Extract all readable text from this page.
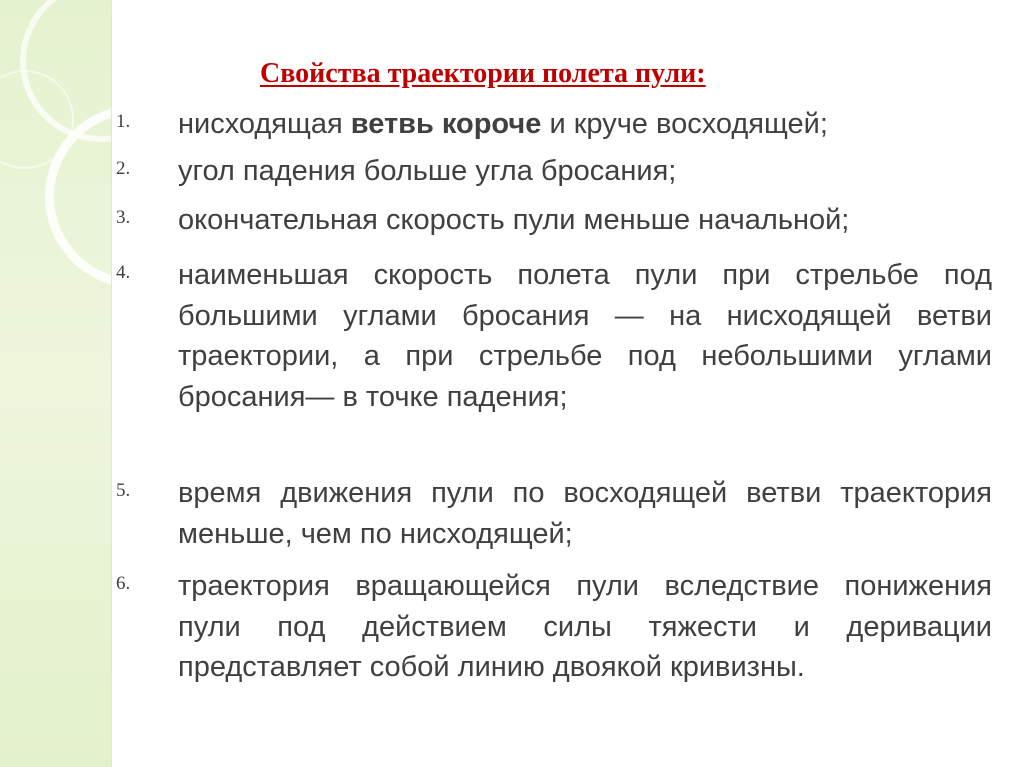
Свойства траектории полета пули:
1. нисходящая ветвь короче и круче восходящей;
2. угол падения больше угла бросания;
3. окончательная скорость пули меньше начальной;
4. наименьшая скорость полета пули при стрельбе под большими углами бросания — на нисходящей ветви траектории, а при стрельбе под небольшими углами бросания— в точке падения;
5. время движения пули по восходящей ветви траектория меньше, чем по нисходящей;
6. траектория вращающейся пули вследствие понижения пули под действием силы тяжести и деривации представляет собой линию двоякой кривизны.
